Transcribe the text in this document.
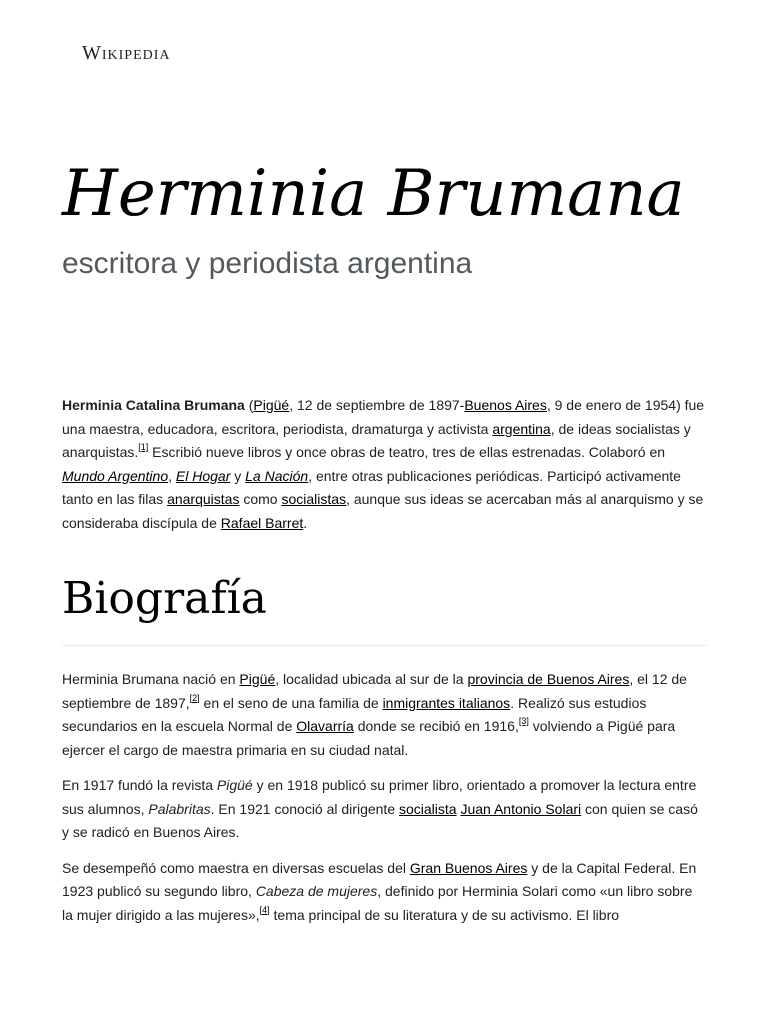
Wikipedia
Herminia Brumana
escritora y periodista argentina

Herminia Catalina Brumana (Pigüé, 12 de septiembre de 1897-Buenos Aires, 9 de enero de 1954) fue una maestra, educadora, escritora, periodista, dramaturga y activista argentina, de ideas socialistas y anarquistas.[1] Escribió nueve libros y once obras de teatro, tres de ellas estrenadas. Colaboró en Mundo Argentino, El Hogar y La Nación, entre otras publicaciones periódicas. Participó activamente tanto en las filas anarquistas como socialistas, aunque sus ideas se acercaban más al anarquismo y se consideraba discípula de Rafael Barret.

Biografía

Herminia Brumana nació en Pigüé, localidad ubicada al sur de la provincia de Buenos Aires, el 12 de septiembre de 1897,[2] en el seno de una familia de inmigrantes italianos. Realizó sus estudios secundarios en la escuela Normal de Olavarría donde se recibió en 1916,[3] volviendo a Pigüé para ejercer el cargo de maestra primaria en su ciudad natal.

En 1917 fundó la revista Pigüé y en 1918 publicó su primer libro, orientado a promover la lectura entre sus alumnos, Palabritas. En 1921 conoció al dirigente socialista Juan Antonio Solari con quien se casó y se radicó en Buenos Aires.

Se desempeñó como maestra en diversas escuelas del Gran Buenos Aires y de la Capital Federal. En 1923 publicó su segundo libro, Cabeza de mujeres, definido por Herminia Solari como «un libro sobre la mujer dirigido a las mujeres»,[4] tema principal de su literatura y de su activismo. El libro
